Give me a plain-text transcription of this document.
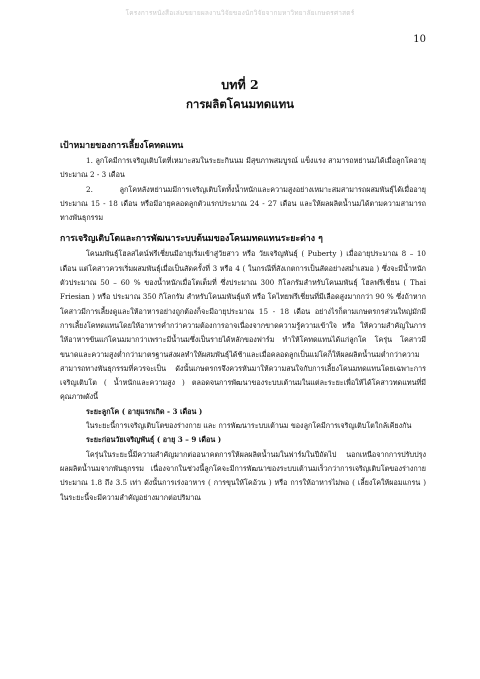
โครงการหนังสือเล่มขยายผลงานวิจัยของนักวิจัยจากมหาวิทยาลัยเกษตรศาสตร์
10
บทที่ 2
การผลิตโคนมทดแทน
เป้าหมายของการเลี้ยงโคทดแทน

1. ลูกโคมีการเจริญเติบโตที่เหมาะสมในระยะกินนม มีสุขภาพสมบูรณ์ แข็งแรง สามารถหย่านมได้เมื่อลูกโคอายุประมาณ 2 - 3 เดือน

2. ลูกโคหลังหย่านมมีการเจริญเติบโตทั้งน้ำหนักและความสูงอย่างเหมาะสมสามารถผสมพันธุ์ได้เมื่ออายุประมาณ 15 - 18 เดือน หรือมีอายุคลอดลูกตัวแรกประมาณ 24 - 27 เดือน และให้ผลผลิตน้ำนมได้ตามความสามารถทางพันธุกรรม

การเจริญเติบโตและการพัฒนาระบบต้นมของโคนมทดแทนระยะต่าง ๆ

โคนมพันธุ์โฮลสไตน์ฟรีเชี่ยนมีอายุเริ่มเข้าสู่วัยสาว หรือ วัยเจริญพันธุ์ ( Puberty ) เมื่ออายุประมาณ 8 – 10 เดือน แต่โคสาวควรเริ่มผสมพันธุ์เมื่อเป็นสัดครั้งที่ 3 หรือ 4 ( ในกรณีที่สังเกตการเป็นสัดอย่างสม่ำเสมอ ) ซึ่งจะมีน้ำหนักตัวประมาณ 50 – 60 % ของน้ำหนักเมื่อโตเต็มที่ ซึ่งประมาณ 300 กิโลกรัมสำหรับโคนมพันธุ์ โฮลฟรีเชี่ยน ( Thai Friesian ) หรือ ประมาณ 350 กิโลกรัม สำหรับโคนมพันธุ์แท้ หรือ โคไทยฟรีเชี่ยนที่มีเลือดสูงมากกว่า 90 % ซึ่งถ้าหากโคสาวมีการเลี้ยงดูและให้อาหารอย่างถูกต้องก็จะมีอายุประมาณ 15 - 18 เดือน อย่างไรก็ตามเกษตรกรส่วนใหญ่มักมีการเลี้ยงโคทดแทนโดยให้อาหารค่ำกว่าความต้องการอาจเนื่องจากขาดความรู้ความเข้าใจ หรือ ให้ความสำคัญในการให้อาหารข้นแก่โคนมมากว่าเพราะมีน้ำนมซึ่งเป็นรายได้หลักของฟาร์ม ทำให้โคทดแทนได้แก่ลูกโค โครุ่น โคสาวมีขนาดและความสูงต่ำกว่ามาตรฐานส่งผลทำให้ผสมพันธุ์ได้ช้าและเมื่อคลอดลูกเป็นแม่โคก็ให้ผลผลิตน้ำนมต่ำกว่าความสามารถทางพันธุกรรมที่ควรจะเป็น ดังนั้นเกษตรกรจึงควรหันมาให้ความสนใจกับการเลี้ยงโคนมทดแทนโดยเฉพาะการเจริญเติบโต ( น้ำหนักและความสูง ) ตลอดจนการพัฒนาของระบบเต้านมในแต่ละระยะเพื่อให้ได้โคสาวทดแทนที่มีคุณภาพดังนี้

ระยะลูกโค ( อายุแรกเกิด - 3 เดือน )

ในระยะนี้การเจริญเติบโตของร่างกาย และ การพัฒนาระบบเต้านม ของลูกโคมีการเจริญเติบโตใกล้เคียงกัน

ระยะก่อนวัยเจริญพันธุ์ ( อายุ 3 – 9 เดือน )

โครุ่นในระยะนี้มีความสำคัญมากต่ออนาคตการให้ผลผลิตน้ำนมในฟาร์มในปีถัดไป นอกเหนือจากการปรับปรุงผลผลิตน้ำนมจากพันธุกรรม เนื่องจากในช่วงนี้ลูกโคจะมีการพัฒนาของระบบเต้านมเร็วกว่าการเจริญเติบโตของร่างกาย ประมาณ 1.8 ถึง 3.5 เท่า ดังนั้นการเร่งอาหาร ( การขุนให้โคอ้วน ) หรือ การให้อาหารไม่พอ ( เลี้ยงโคให้ผอมแกรน ) ในระยะนี้จะมีความสำคัญอย่างมากต่อปริมาณ
